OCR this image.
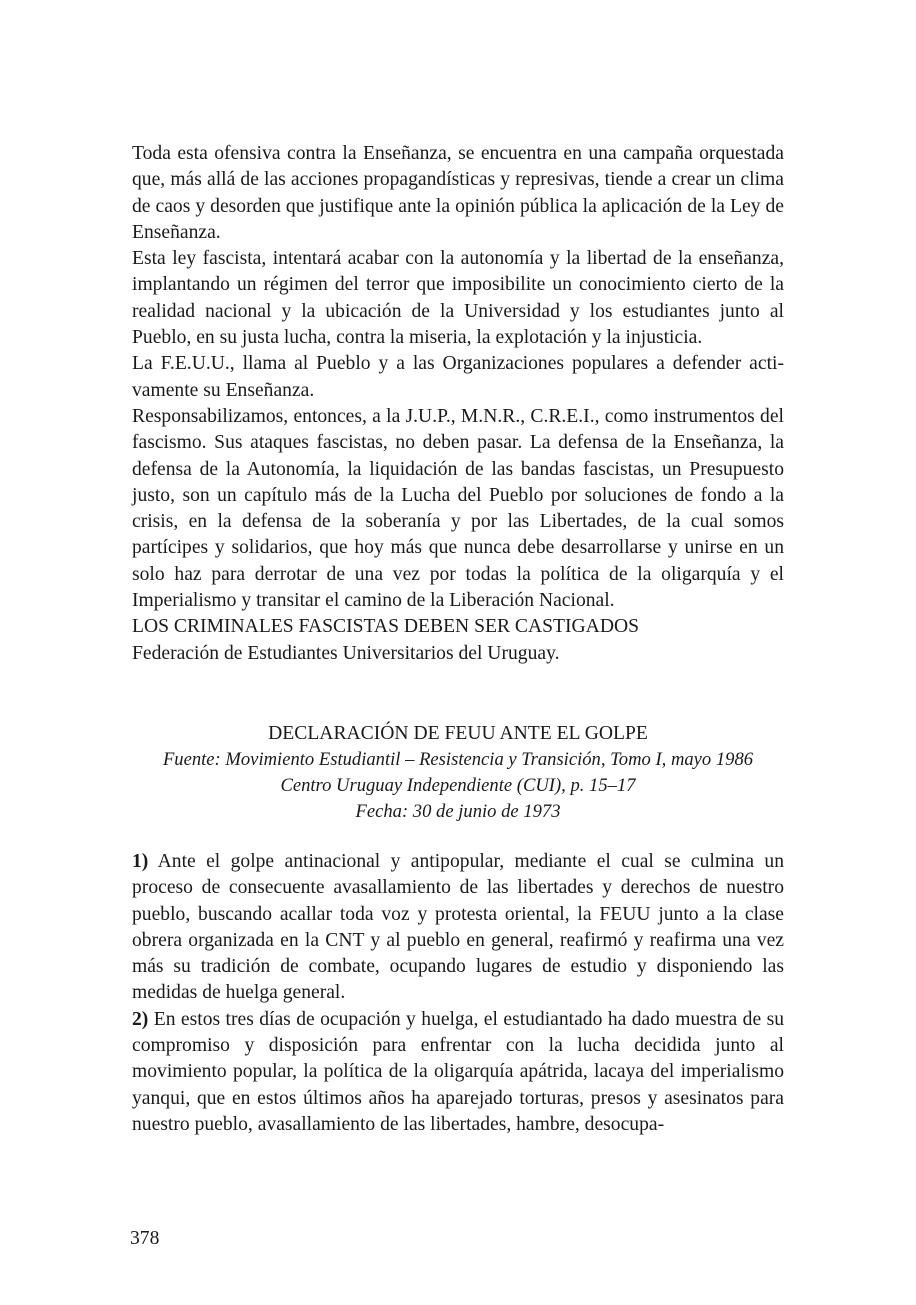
Toda esta ofensiva contra la Enseñanza, se encuentra en una campaña orquestada que, más allá de las acciones propagandísticas y represivas, tiende a crear un clima de caos y desorden que justifique ante la opinión pública la aplicación de la Ley de Enseñanza.

Esta ley fascista, intentará acabar con la autonomía y la libertad de la enseñanza, implantando un régimen del terror que imposibilite un conocimiento cierto de la realidad nacional y la ubicación de la Universidad y los estudiantes junto al Pueblo, en su justa lucha, contra la miseria, la explotación y la injusticia.

La F.E.U.U., llama al Pueblo y a las Organizaciones populares a defender activamente su Enseñanza.

Responsabilizamos, entonces, a la J.U.P., M.N.R., C.R.E.I., como instrumentos del fascismo. Sus ataques fascistas, no deben pasar. La defensa de la Enseñanza, la defensa de la Autonomía, la liquidación de las bandas fascistas, un Presupuesto justo, son un capítulo más de la Lucha del Pueblo por soluciones de fondo a la crisis, en la defensa de la soberanía y por las Libertades, de la cual somos partícipes y solidarios, que hoy más que nunca debe desarrollarse y unirse en un solo haz para derrotar de una vez por todas la política de la oligarquía y el Imperialismo y transitar el camino de la Liberación Nacional.

LOS CRIMINALES FASCISTAS DEBEN SER CASTIGADOS

Federación de Estudiantes Universitarios del Uruguay.

DECLARACIÓN DE FEUU ANTE EL GOLPE

Fuente: Movimiento Estudiantil – Resistencia y Transición, Tomo I, mayo 1986

Centro Uruguay Independiente (CUI), p. 15–17

Fecha: 30 de junio de 1973

1) Ante el golpe antinacional y antipopular, mediante el cual se culmina un proceso de consecuente avasallamiento de las libertades y derechos de nuestro pueblo, buscando acallar toda voz y protesta oriental, la FEUU junto a la clase obrera organizada en la CNT y al pueblo en general, reafirmó y reafirma una vez más su tradición de combate, ocupando lugares de estudio y disponiendo las medidas de huelga general.

2) En estos tres días de ocupación y huelga, el estudiantado ha dado muestra de su compromiso y disposición para enfrentar con la lucha decidida junto al movimiento popular, la política de la oligarquía apátrida, lacaya del imperialismo yanqui, que en estos últimos años ha aparejado torturas, presos y asesinatos para nuestro pueblo, avasallamiento de las libertades, hambre, desocupa-

378
